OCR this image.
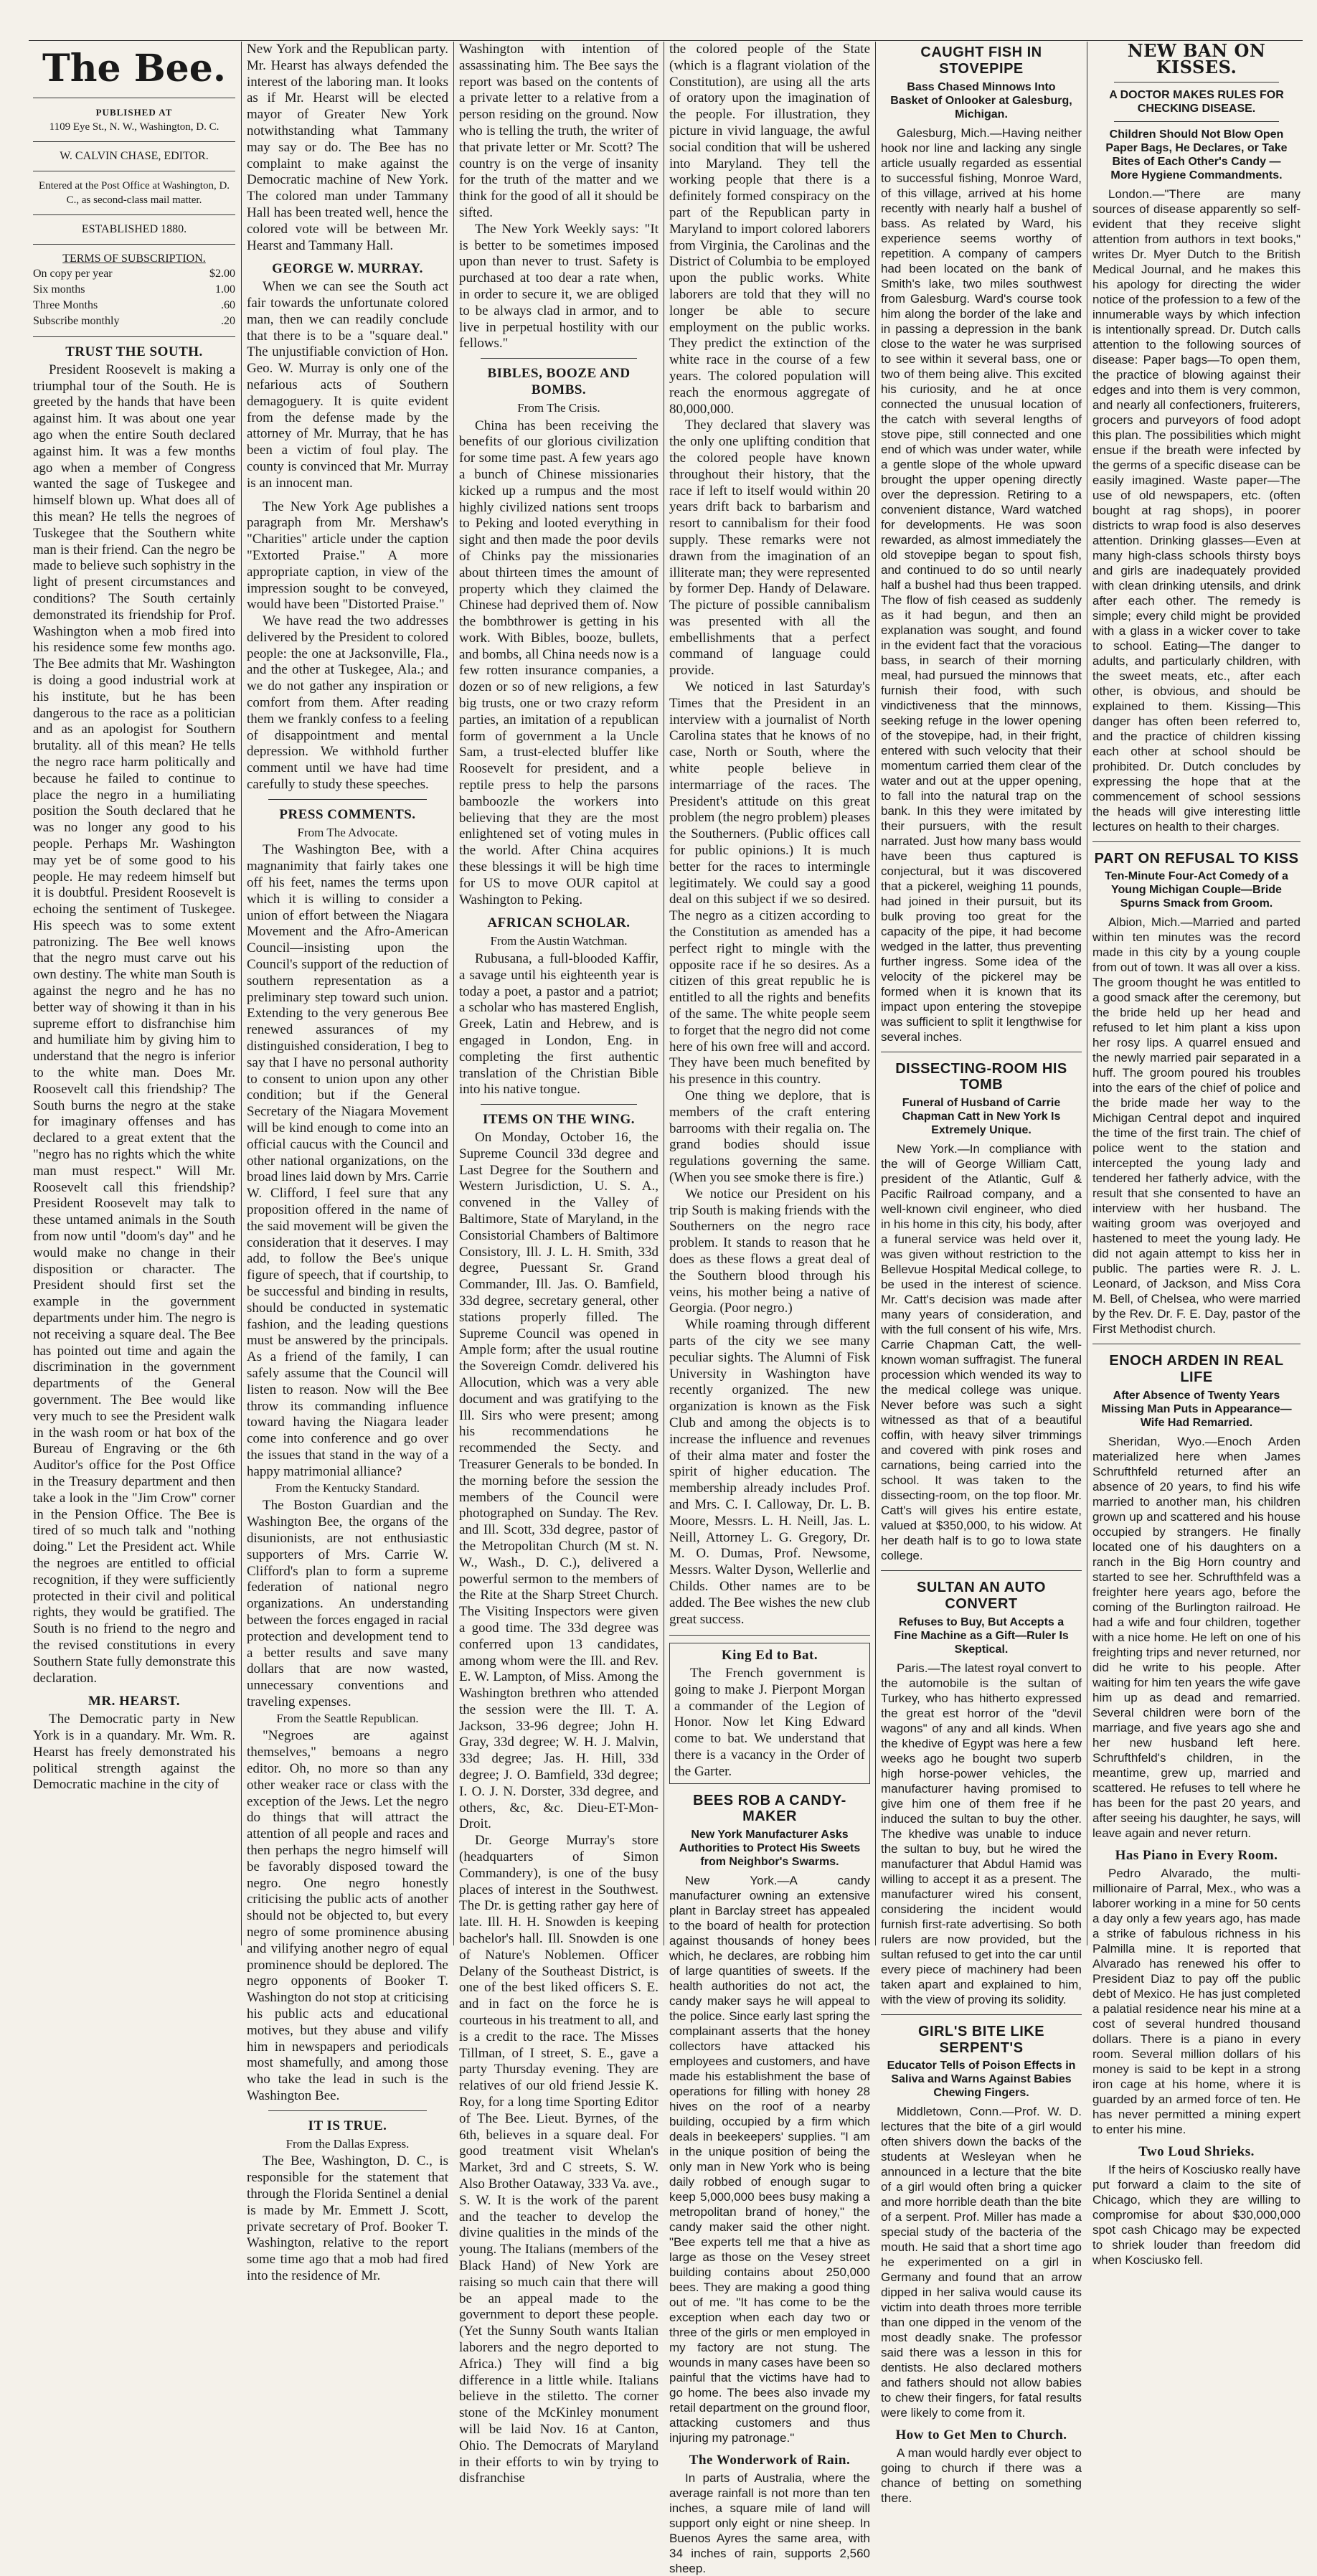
The Bee.
PUBLISHED AT
1109 Eye St., N. W., Washington, D. C.
W. CALVIN CHASE, EDITOR.
Entered at the Post Office at Washington, D. C., as second-class mail matter.
ESTABLISHED 1880.
TERMS OF SUBSCRIPTION.
On copy per year	$2.00
Six months	1.00
Three Months	.60
Subscribe monthly	.20
TRUST THE SOUTH.

President Roosevelt is making a triumphal tour of the South. He is greeted by the hands that have been against him. It was about one year ago when the entire South declared against him. It was a few months ago when a member of Congress wanted the sage of Tuskegee and himself blown up. What does all of this mean? He tells the negroes of Tuskegee that the Southern white man is their friend. Can the negro be made to believe such sophistry in the light of present circumstances and conditions? The South certainly demonstrated its friendship for Prof. Washington when a mob fired into his residence some few months ago. The Bee admits that Mr. Washington is doing a good industrial work at his institute, but he has been dangerous to the race as a politician and as an apologist for Southern brutality. all of this mean? He tells the negro race harm politically and because he failed to continue to place the negro in a humiliating position the South declared that he was no longer any good to his people. Perhaps Mr. Washington may yet be of some good to his people. He may redeem himself but it is doubtful. President Roosevelt is echoing the sentiment of Tuskegee. His speech was to some extent patronizing. The Bee well knows that the negro must carve out his own destiny. The white man South is against the negro and he has no better way of showing it than in his supreme effort to disfranchise him and humiliate him by giving him to understand that the negro is inferior to the white man. Does Mr. Roosevelt call this friendship? The South burns the negro at the stake for imaginary offenses and has declared to a great extent that the "negro has no rights which the white man must respect." Will Mr. Roosevelt call this friendship? President Roosevelt may talk to these untamed animals in the South from now until "doom's day" and he would make no change in their disposition or character. The President should first set the example in the government departments under him. The negro is not receiving a square deal. The Bee has pointed out time and again the discrimination in the government departments of the General government. The Bee would like very much to see the President walk in the wash room or hat box of the Bureau of Engraving or the 6th Auditor's office for the Post Office in the Treasury department and then take a look in the "Jim Crow" corner in the Pension Office. The Bee is tired of so much talk and "nothing doing." Let the President act. While the negroes are entitled to official recognition, if they were sufficiently protected in their civil and political rights, they would be gratified. The South is no friend to the negro and the revised constitutions in every Southern State fully demonstrate this declaration.

MR. HEARST.

The Democratic party in New York is in a quandary. Mr. Wm. R. Hearst has freely demonstrated his political strength against the Democratic machine in the city of

New York and the Republican party. Mr. Hearst has always defended the interest of the laboring man. It looks as if Mr. Hearst will be elected mayor of Greater New York notwithstanding what Tammany may say or do. The Bee has no complaint to make against the Democratic machine of New York. The colored man under Tammany Hall has been treated well, hence the colored vote will be between Mr. Hearst and Tammany Hall.

GEORGE W. MURRAY.

When we can see the South act fair towards the unfortunate colored man, then we can readily conclude that there is to be a "square deal." The unjustifiable conviction of Hon. Geo. W. Murray is only one of the nefarious acts of Southern demagoguery. It is quite evident from the defense made by the attorney of Mr. Murray, that he has been a victim of foul play. The county is convinced that Mr. Murray is an innocent man.

The New York Age publishes a paragraph from Mr. Mershaw's "Charities" article under the caption "Extorted Praise." A more appropriate caption, in view of the impression sought to be conveyed, would have been "Distorted Praise."

We have read the two addresses delivered by the President to colored people: the one at Jacksonville, Fla., and the other at Tuskegee, Ala.; and we do not gather any inspiration or comfort from them. After reading them we frankly confess to a feeling of disappointment and mental depression. We withhold further comment until we have had time carefully to study these speeches.

PRESS COMMENTS.
From The Advocate.

The Washington Bee, with a magnanimity that fairly takes one off his feet, names the terms upon which it is willing to consider a union of effort between the Niagara Movement and the Afro-American Council—insisting upon the Council's support of the reduction of southern representation as a preliminary step toward such union. Extending to the very generous Bee renewed assurances of my distinguished consideration, I beg to say that I have no personal authority to consent to union upon any other condition; but if the General Secretary of the Niagara Movement will be kind enough to come into an official caucus with the Council and other national organizations, on the broad lines laid down by Mrs. Carrie W. Clifford, I feel sure that any proposition offered in the name of the said movement will be given the consideration that it deserves. I may add, to follow the Bee's unique figure of speech, that if courtship, to be successful and binding in results, should be conducted in systematic fashion, and the leading questions must be answered by the principals. As a friend of the family, I can safely assume that the Council will listen to reason. Now will the Bee throw its commanding influence toward having the Niagara leader come into conference and go over the issues that stand in the way of a happy matrimonial alliance?

From the Kentucky Standard.

The Boston Guardian and the Washington Bee, the organs of the disunionists, are not enthusiastic supporters of Mrs. Carrie W. Clifford's plan to form a supreme federation of national negro organizations. An understanding between the forces engaged in racial protection and development tend to a better results and save many dollars that are now wasted, unnecessary conventions and traveling expenses.

From the Seattle Republican.

"Negroes are against themselves," bemoans a negro editor. Oh, no more so than any other weaker race or class with the exception of the Jews. Let the negro do things that will attract the attention of all people and races and then perhaps the negro himself will be favorably disposed toward the negro. One negro honestly criticising the public acts of another should not be objected to, but every negro of some prominence abusing and vilifying another negro of equal prominence should be deplored. The negro opponents of Booker T. Washington do not stop at criticising his public acts and educational motives, but they abuse and vilify him in newspapers and periodicals most shamefully, and among those who take the lead in such is the Washington Bee.

IT IS TRUE.
From the Dallas Express.

The Bee, Washington, D. C., is responsible for the statement that through the Florida Sentinel a denial is made by Mr. Emmett J. Scott, private secretary of Prof. Booker T. Washington, relative to the report some time ago that a mob had fired into the residence of Mr.

Washington with intention of assassinating him. The Bee says the report was based on the contents of a private letter to a relative from a person residing on the ground. Now who is telling the truth, the writer of that private letter or Mr. Scott? The country is on the verge of insanity for the truth of the matter and we think for the good of all it should be sifted.

The New York Weekly says: "It is better to be sometimes imposed upon than never to trust. Safety is purchased at too dear a rate when, in order to secure it, we are obliged to be always clad in armor, and to live in perpetual hostility with our fellows."

BIBLES, BOOZE AND BOMBS.
From The Crisis.

China has been receiving the benefits of our glorious civilization for some time past. A few years ago a bunch of Chinese missionaries kicked up a rumpus and the most highly civilized nations sent troops to Peking and looted everything in sight and then made the poor devils of Chinks pay the missionaries about thirteen times the amount of property which they claimed the Chinese had deprived them of. Now the bombthrower is getting in his work. With Bibles, booze, bullets, and bombs, all China needs now is a few rotten insurance companies, a dozen or so of new religions, a few big trusts, one or two crazy reform parties, an imitation of a republican form of government a la Uncle Sam, a trust-elected bluffer like Roosevelt for president, and a reptile press to help the parsons bamboozle the workers into believing that they are the most enlightened set of voting mules in the world. After China acquires these blessings it will be high time for US to move OUR capitol at Washington to Peking.

AFRICAN SCHOLAR.
From the Austin Watchman.

Rubusana, a full-blooded Kaffir, a savage until his eighteenth year is today a poet, a pastor and a patriot; a scholar who has mastered English, Greek, Latin and Hebrew, and is engaged in London, Eng. in completing the first authentic translation of the Christian Bible into his native tongue.

ITEMS ON THE WING.

On Monday, October 16, the Supreme Council 33d degree and Last Degree for the Southern and Western Jurisdiction, U. S. A., convened in the Valley of Baltimore, State of Maryland, in the Consistorial Chambers of Baltimore Consistory, Ill. J. L. H. Smith, 33d degree, Puessant Sr. Grand Commander, Ill. Jas. O. Bamfield, 33d degree, secretary general, other stations properly filled. The Supreme Council was opened in Ample form; after the usual routine the Sovereign Comdr. delivered his Allocution, which was a very able document and was gratifying to the Ill. Sirs who were present; among his recommendations he recommended the Secty. and Treasurer Generals to be bonded. In the morning before the session the members of the Council were photographed on Sunday. The Rev. and Ill. Scott, 33d degree, pastor of the Metropolitan Church (M st. N. W., Wash., D. C.), delivered a powerful sermon to the members of the Rite at the Sharp Street Church. The Visiting Inspectors were given a good time. The 33d degree was conferred upon 13 candidates, among whom were the Ill. and Rev. E. W. Lampton, of Miss. Among the Washington brethren who attended the session were the Ill. T. A. Jackson, 33-96 degree; John H. Gray, 33d degree; W. H. J. Malvin, 33d degree; Jas. H. Hill, 33d degree; J. O. Bamfield, 33d degree; I. O. J. N. Dorster, 33d degree, and others, &c, &c. Dieu-ET-Mon-Droit.

Dr. George Murray's store (headquarters of Simon Commandery), is one of the busy places of interest in the Southwest. The Dr. is getting rather gay here of late. Ill. H. H. Snowden is keeping bachelor's hall. Ill. Snowden is one of Nature's Noblemen. Officer Delany of the Southeast District, is one of the best liked officers S. E. and in fact on the force he is courteous in his treatment to all, and is a credit to the race. The Misses Tillman, of I street, S. E., gave a party Thursday evening. They are relatives of our old friend Jessie K. Roy, for a long time Sporting Editor of The Bee. Lieut. Byrnes, of the 6th, believes in a square deal. For good treatment visit Whelan's Market, 3rd and C streets, S. W. Also Brother Oataway, 333 Va. ave., S. W. It is the work of the parent and the teacher to develop the divine qualities in the minds of the young. The Italians (members of the Black Hand) of New York are raising so much cain that there will be an appeal made to the government to deport these people. (Yet the Sunny South wants Italian laborers and the negro deported to Africa.) They will find a big difference in a little while. Italians believe in the stiletto. The corner stone of the McKinley monument will be laid Nov. 16 at Canton, Ohio. The Democrats of Maryland in their efforts to win by trying to disfranchise

the colored people of the State (which is a flagrant violation of the Constitution), are using all the arts of oratory upon the imagination of the people. For illustration, they picture in vivid language, the awful social condition that will be ushered into Maryland. They tell the working people that there is a definitely formed conspiracy on the part of the Republican party in Maryland to import colored laborers from Virginia, the Carolinas and the District of Columbia to be employed upon the public works. White laborers are told that they will no longer be able to secure employment on the public works. They predict the extinction of the white race in the course of a few years. The colored population will reach the enormous aggregate of 80,000,000.

They declared that slavery was the only one uplifting condition that the colored people have known throughout their history, that the race if left to itself would within 20 years drift back to barbarism and resort to cannibalism for their food supply. These remarks were not drawn from the imagination of an illiterate man; they were represented by former Dep. Handy of Delaware. The picture of possible cannibalism was presented with all the embellishments that a perfect command of language could provide.

We noticed in last Saturday's Times that the President in an interview with a journalist of North Carolina states that he knows of no case, North or South, where the white people believe in intermarriage of the races. The President's attitude on this great problem (the negro problem) pleases the Southerners. (Public offices call for public opinions.) It is much better for the races to intermingle legitimately. We could say a good deal on this subject if we so desired. The negro as a citizen according to the Constitution as amended has a perfect right to mingle with the opposite race if he so desires. As a citizen of this great republic he is entitled to all the rights and benefits of the same. The white people seem to forget that the negro did not come here of his own free will and accord. They have been much benefited by his presence in this country.

One thing we deplore, that is members of the craft entering barrooms with their regalia on. The grand bodies should issue regulations governing the same. (When you see smoke there is fire.)

We notice our President on his trip South is making friends with the Southerners on the negro race problem. It stands to reason that he does as these flows a great deal of the Southern blood through his veins, his mother being a native of Georgia. (Poor negro.)

While roaming through different parts of the city we see many peculiar sights. The Alumni of Fisk University in Washington have recently organized. The new organization is known as the Fisk Club and among the objects is to increase the influence and revenues of their alma mater and foster the spirit of higher education. The membership already includes Prof. and Mrs. C. I. Calloway, Dr. L. B. Moore, Messrs. L. H. Neill, Jas. L. Neill, Attorney L. G. Gregory, Dr. M. O. Dumas, Prof. Newsome, Messrs. Walter Dyson, Wellerlie and Childs. Other names are to be added. The Bee wishes the new club great success.

King Ed to Bat.

The French government is going to make J. Pierpont Morgan a commander of the Legion of Honor. Now let King Edward come to bat. We understand that there is a vacancy in the Order of the Garter.

BEES ROB A CANDY-MAKER
New York Manufacturer Asks Authorities to Protect His Sweets from Neighbor's Swarms.

New York.—A candy manufacturer owning an extensive plant in Barclay street has appealed to the board of health for protection against thousands of honey bees which, he declares, are robbing him of large quantities of sweets. If the health authorities do not act, the candy maker says he will appeal to the police. Since early last spring the complainant asserts that the honey collectors have attacked his employees and customers, and have made his establishment the base of operations for filling with honey 28 hives on the roof of a nearby building, occupied by a firm which deals in beekeepers' supplies. "I am in the unique position of being the only man in New York who is being daily robbed of enough sugar to keep 5,000,000 bees busy making a metropolitan brand of honey," the candy maker said the other night. "Bee experts tell me that a hive as large as those on the Vesey street building contains about 250,000 bees. They are making a good thing out of me. "It has come to be the exception when each day two or three of the girls or men employed in my factory are not stung. The wounds in many cases have been so painful that the victims have had to go home. The bees also invade my retail department on the ground floor, attacking customers and thus injuring my patronage."

The Wonderwork of Rain.

In parts of Australia, where the average rainfall is not more than ten inches, a square mile of land will support only eight or nine sheep. In Buenos Ayres the same area, with 34 inches of rain, supports 2,560 sheep.

CAUGHT FISH IN STOVEPIPE
Bass Chased Minnows Into Basket of Onlooker at Galesburg, Michigan.

Galesburg, Mich.—Having neither hook nor line and lacking any single article usually regarded as essential to successful fishing, Monroe Ward, of this village, arrived at his home recently with nearly half a bushel of bass. As related by Ward, his experience seems worthy of repetition. A company of campers had been located on the bank of Smith's lake, two miles southwest from Galesburg. Ward's course took him along the border of the lake and in passing a depression in the bank close to the water he was surprised to see within it several bass, one or two of them being alive. This excited his curiosity, and he at once connected the unusual location of the catch with several lengths of stove pipe, still connected and one end of which was under water, while a gentle slope of the whole upward brought the upper opening directly over the depression. Retiring to a convenient distance, Ward watched for developments. He was soon rewarded, as almost immediately the old stovepipe began to spout fish, and continued to do so until nearly half a bushel had thus been trapped. The flow of fish ceased as suddenly as it had begun, and then an explanation was sought, and found in the evident fact that the voracious bass, in search of their morning meal, had pursued the minnows that furnish their food, with such vindictiveness that the minnows, seeking refuge in the lower opening of the stovepipe, had, in their fright, entered with such velocity that their momentum carried them clear of the water and out at the upper opening, to fall into the natural trap on the bank. In this they were imitated by their pursuers, with the result narrated. Just how many bass would have been thus captured is conjectural, but it was discovered that a pickerel, weighing 11 pounds, had joined in their pursuit, but its bulk proving too great for the capacity of the pipe, it had become wedged in the latter, thus preventing further ingress. Some idea of the velocity of the pickerel may be formed when it is known that its impact upon entering the stovepipe was sufficient to split it lengthwise for several inches.

DISSECTING-ROOM HIS TOMB
Funeral of Husband of Carrie Chapman Catt in New York Is Extremely Unique.

New York.—In compliance with the will of George William Catt, president of the Atlantic, Gulf & Pacific Railroad company, and a well-known civil engineer, who died in his home in this city, his body, after a funeral service was held over it, was given without restriction to the Bellevue Hospital Medical college, to be used in the interest of science. Mr. Catt's decision was made after many years of consideration, and with the full consent of his wife, Mrs. Carrie Chapman Catt, the well-known woman suffragist. The funeral procession which wended its way to the medical college was unique. Never before was such a sight witnessed as that of a beautiful coffin, with heavy silver trimmings and covered with pink roses and carnations, being carried into the school. It was taken to the dissecting-room, on the top floor. Mr. Catt's will gives his entire estate, valued at $350,000, to his widow. At her death half is to go to Iowa state college.

SULTAN AN AUTO CONVERT
Refuses to Buy, But Accepts a Fine Machine as a Gift—Ruler Is Skeptical.

Paris.—The latest royal convert to the automobile is the sultan of Turkey, who has hitherto expressed the great est horror of the "devil wagons" of any and all kinds. When the khedive of Egypt was here a few weeks ago he bought two superb high horse-power vehicles, the manufacturer having promised to give him one of them free if he induced the sultan to buy the other. The khedive was unable to induce the sultan to buy, but he wired the manufacturer that Abdul Hamid was willing to accept it as a present. The manufacturer wired his consent, considering the incident would furnish first-rate advertising. So both rulers are now provided, but the sultan refused to get into the car until every piece of machinery had been taken apart and explained to him, with the view of proving its solidity.

GIRL'S BITE LIKE SERPENT'S
Educator Tells of Poison Effects in Saliva and Warns Against Babies Chewing Fingers.

Middletown, Conn.—Prof. W. D. lectures that the bite of a girl would often shivers down the backs of the students at Wesleyan when he announced in a lecture that the bite of a girl would often bring a quicker and more horrible death than the bite of a serpent. Prof. Miller has made a special study of the bacteria of the mouth. He said that a short time ago he experimented on a girl in Germany and found that an arrow dipped in her saliva would cause its victim into death throes more terrible than one dipped in the venom of the most deadly snake. The professor said there was a lesson in this for dentists. He also declared mothers and fathers should not allow babies to chew their fingers, for fatal results were likely to come from it.

How to Get Men to Church.

A man would hardly ever object to going to church if there was a chance of betting on something there.

NEW BAN ON KISSES.
A DOCTOR MAKES RULES FOR CHECKING DISEASE.
Children Should Not Blow Open Paper Bags, He Declares, or Take Bites of Each Other's Candy — More Hygiene Commandments.

London.—"There are many sources of disease apparently so self-evident that they receive slight attention from authors in text books," writes Dr. Myer Dutch to the British Medical Journal, and he makes this his apology for directing the wider notice of the profession to a few of the innumerable ways by which infection is intentionally spread. Dr. Dutch calls attention to the following sources of disease: Paper bags—To open them, the practice of blowing against their edges and into them is very common, and nearly all confectioners, fruiterers, grocers and purveyors of food adopt this plan. The possibilities which might ensue if the breath were infected by the germs of a specific disease can be easily imagined. Waste paper—The use of old newspapers, etc. (often bought at rag shops), in poorer districts to wrap food is also deserves attention. Drinking glasses—Even at many high-class schools thirsty boys and girls are inadequately provided with clean drinking utensils, and drink after each other. The remedy is simple; every child might be provided with a glass in a wicker cover to take to school. Eating—The danger to adults, and particularly children, with the sweet meats, etc., after each other, is obvious, and should be explained to them. Kissing—This danger has often been referred to, and the practice of children kissing each other at school should be prohibited. Dr. Dutch concludes by expressing the hope that at the commencement of school sessions the heads will give interesting little lectures on health to their charges.

PART ON REFUSAL TO KISS
Ten-Minute Four-Act Comedy of a Young Michigan Couple—Bride Spurns Smack from Groom.

Albion, Mich.—Married and parted within ten minutes was the record made in this city by a young couple from out of town. It was all over a kiss. The groom thought he was entitled to a good smack after the ceremony, but the bride held up her head and refused to let him plant a kiss upon her rosy lips. A quarrel ensued and the newly married pair separated in a huff. The groom poured his troubles into the ears of the chief of police and the bride made her way to the Michigan Central depot and inquired the time of the first train. The chief of police went to the station and intercepted the young lady and tendered her fatherly advice, with the result that she consented to have an interview with her husband. The waiting groom was overjoyed and hastened to meet the young lady. He did not again attempt to kiss her in public. The parties were R. J. L. Leonard, of Jackson, and Miss Cora M. Bell, of Chelsea, who were married by the Rev. Dr. F. E. Day, pastor of the First Methodist church.

ENOCH ARDEN IN REAL LIFE
After Absence of Twenty Years Missing Man Puts in Appearance—Wife Had Remarried.

Sheridan, Wyo.—Enoch Arden materialized here when James Schrufthfeld returned after an absence of 20 years, to find his wife married to another man, his children grown up and scattered and his house occupied by strangers. He finally located one of his daughters on a ranch in the Big Horn country and started to see her. Schrufthfeld was a freighter here years ago, before the coming of the Burlington railroad. He had a wife and four children, together with a nice home. He left on one of his freighting trips and never returned, nor did he write to his people. After waiting for him ten years the wife gave him up as dead and remarried. Several children were born of the marriage, and five years ago she and her new husband left here. Schrufthfeld's children, in the meantime, grew up, married and scattered. He refuses to tell where he has been for the past 20 years, and after seeing his daughter, he says, will leave again and never return.

Has Piano in Every Room.

Pedro Alvarado, the multi-millionaire of Parral, Mex., who was a laborer working in a mine for 50 cents a day only a few years ago, has made a strike of fabulous richness in his Palmilla mine. It is reported that Alvarado has renewed his offer to President Diaz to pay off the public debt of Mexico. He has just completed a palatial residence near his mine at a cost of several hundred thousand dollars. There is a piano in every room. Several million dollars of his money is said to be kept in a strong iron cage at his home, where it is guarded by an armed force of ten. He has never permitted a mining expert to enter his mine.

Two Loud Shrieks.

If the heirs of Kosciusko really have put forward a claim to the site of Chicago, which they are willing to compromise for about $30,000,000 spot cash Chicago may be expected to shriek louder than freedom did when Kosciusko fell.
